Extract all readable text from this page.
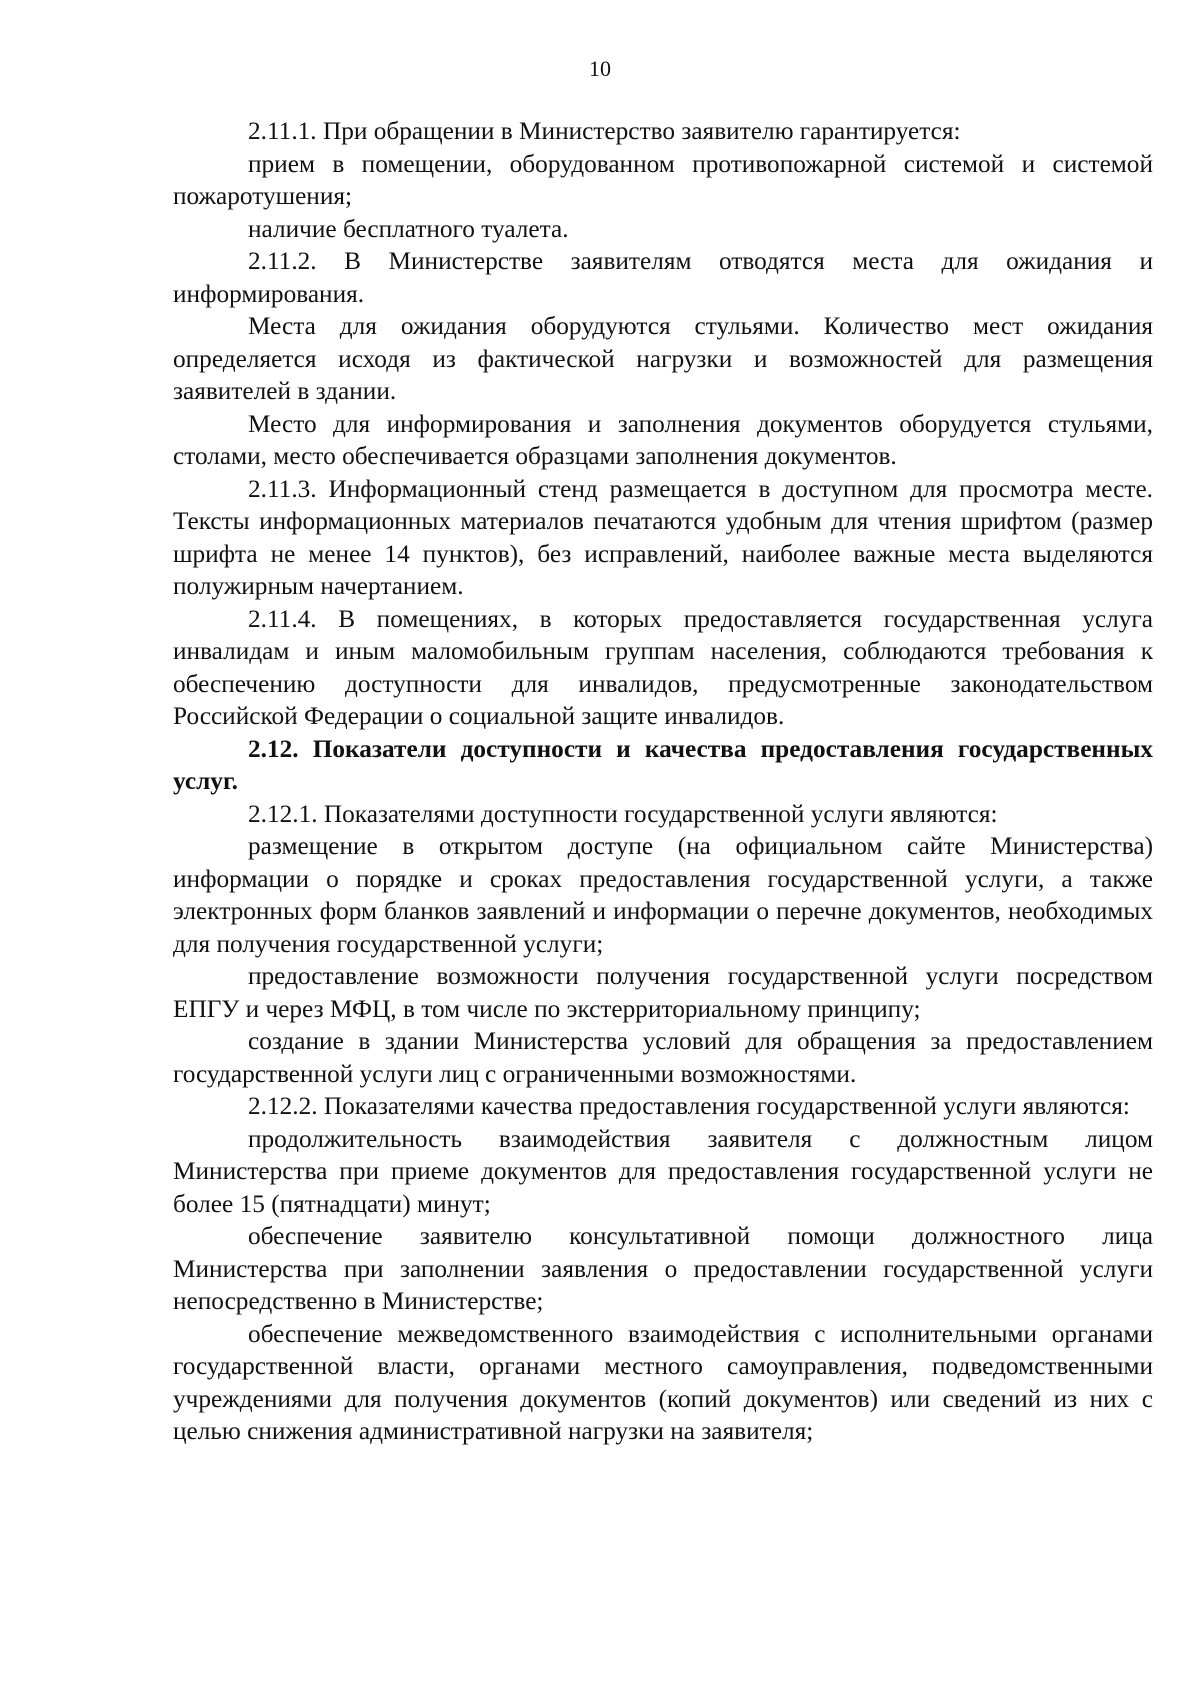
10

2.11.1. При обращении в Министерство заявителю гарантируется:

прием в помещении, оборудованном противопожарной системой и системой пожаротушения;

наличие бесплатного туалета.

2.11.2. В Министерстве заявителям отводятся места для ожидания и информирования.

Места для ожидания оборудуются стульями. Количество мест ожидания определяется исходя из фактической нагрузки и возможностей для размещения заявителей в здании.

Место для информирования и заполнения документов оборудуется стульями, столами, место обеспечивается образцами заполнения документов.

2.11.3. Информационный стенд размещается в доступном для просмотра месте. Тексты информационных материалов печатаются удобным для чтения шрифтом (размер шрифта не менее 14 пунктов), без исправлений, наиболее важные места выделяются полужирным начертанием.

2.11.4. В помещениях, в которых предоставляется государственная услуга инвалидам и иным маломобильным группам населения, соблюдаются требования к обеспечению доступности для инвалидов, предусмотренные законодательством Российской Федерации о социальной защите инвалидов.

2.12. Показатели доступности и качества предоставления государственных услуг.

2.12.1. Показателями доступности государственной услуги являются:

размещение в открытом доступе (на официальном сайте Министерства) информации о порядке и сроках предоставления государственной услуги, а также электронных форм бланков заявлений и информации о перечне документов, необходимых для получения государственной услуги;

предоставление возможности получения государственной услуги посредством ЕПГУ и через МФЦ, в том числе по экстерриториальному принципу;

создание в здании Министерства условий для обращения за предоставлением государственной услуги лиц с ограниченными возможностями.

2.12.2. Показателями качества предоставления государственной услуги являются:

продолжительность взаимодействия заявителя с должностным лицом Министерства при приеме документов для предоставления государственной услуги не более 15 (пятнадцати) минут;

обеспечение заявителю консультативной помощи должностного лица Министерства при заполнении заявления о предоставлении государственной услуги непосредственно в Министерстве;

обеспечение межведомственного взаимодействия с исполнительными органами государственной власти, органами местного самоуправления, подведомственными учреждениями для получения документов (копий документов) или сведений из них с целью снижения административной нагрузки на заявителя;
